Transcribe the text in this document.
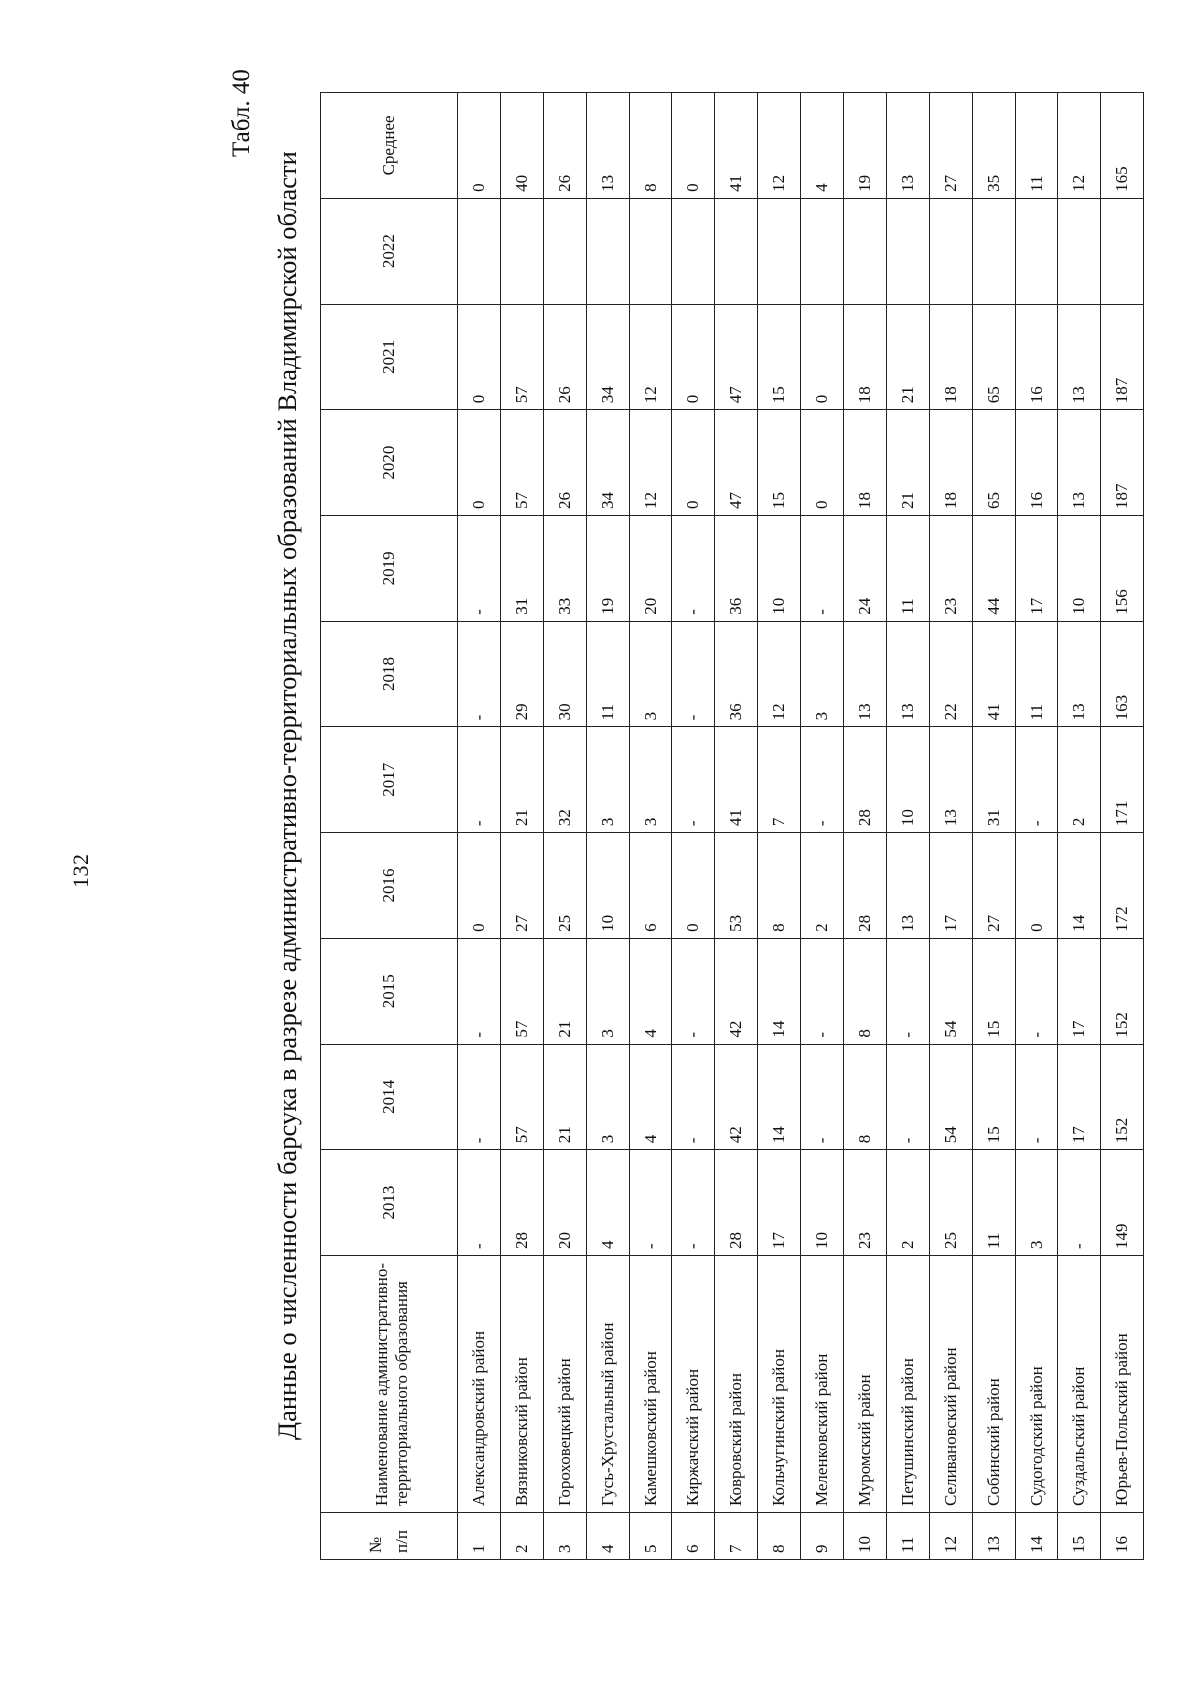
132
Табл. 40
Данные о численности барсука в разрезе административно-территориальных образований Владимирской области
№ п/п	Наименование административно-территориального образования	2013	2014	2015	2016	2017	2018	2019	2020	2021	2022	Среднее
1	Александровский район	-	-	-	0	-	-	-	0	0		0
2	Вязниковский район	28	57	57	27	21	29	31	57	57		40
3	Гороховецкий район	20	21	21	25	32	30	33	26	26		26
4	Гусь-Хрустальный район	4	3	3	10	3	11	19	34	34		13
5	Камешковский район	-	4	4	6	3	3	20	12	12		8
6	Киржачский район	-	-	-	0	-	-	-	0	0		0
7	Ковровский район	28	42	42	53	41	36	36	47	47		41
8	Кольчугинский район	17	14	14	8	7	12	10	15	15		12
9	Меленковский район	10	-	-	2	-	3	-	0	0		4
10	Муромский район	23	8	8	28	28	13	24	18	18		19
11	Петушинский район	2	-	-	13	10	13	11	21	21		13
12	Селивановский район	25	54	54	17	13	22	23	18	18		27
13	Собинский район	11	15	15	27	31	41	44	65	65		35
14	Судогодский район	3	-	-	0	-	11	17	16	16		11
15	Суздальский район	-	17	17	14	2	13	10	13	13		12
16	Юрьев-Польский район	149	152	152	172	171	163	156	187	187		165
